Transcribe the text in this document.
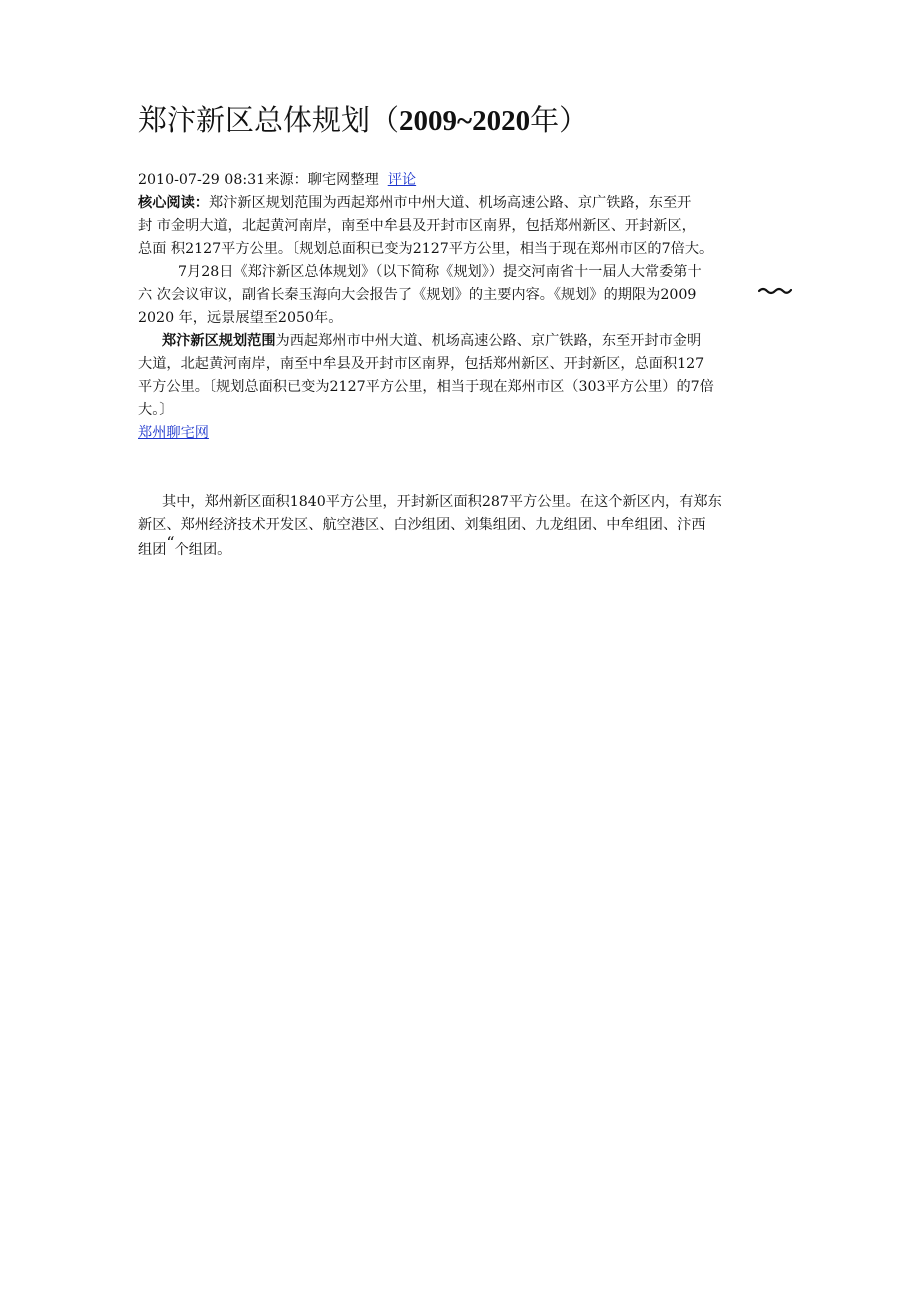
郑汴新区总体规划（2009~2020年）
2010-07-29 08:31来源：聊宅网整理 评论
核心阅读：郑汴新区规划范围为西起郑州市中州大道、机场高速公路、京广铁路，东至开
封 市金明大道，北起黄河南岸，南至中牟县及开封市区南界，包括郑州新区、开封新区，
总面 积2127平方公里。〔规划总面积已变为2127平方公里，相当于现在郑州市区的7倍大。
7月28日《郑汴新区总体规划》（以下简称《规划》）提交河南省十一届人大常委第十
六 次会议审议，副省长秦玉海向大会报告了《规划》的主要内容。《规划》的期限为2009
2020 年，远景展望至2050年。
郑汴新区规划范围为西起郑州市中州大道、机场高速公路、京广铁路，东至开封市金明
大道，北起黄河南岸，南至中牟县及开封市区南界，包括郑州新区、开封新区，总面积127
平方公里。〔规划总面积已变为2127平方公里，相当于现在郑州市区（303平方公里）的7倍
大。〕
郑州聊宅网
其中，郑州新区面积1840平方公里，开封新区面积287平方公里。在这个新区内，有郑东
新区、郑州经济技术开发区、航空港区、白沙组团、刘集组团、九龙组团、中牟组团、汴西
组团“个组团。
